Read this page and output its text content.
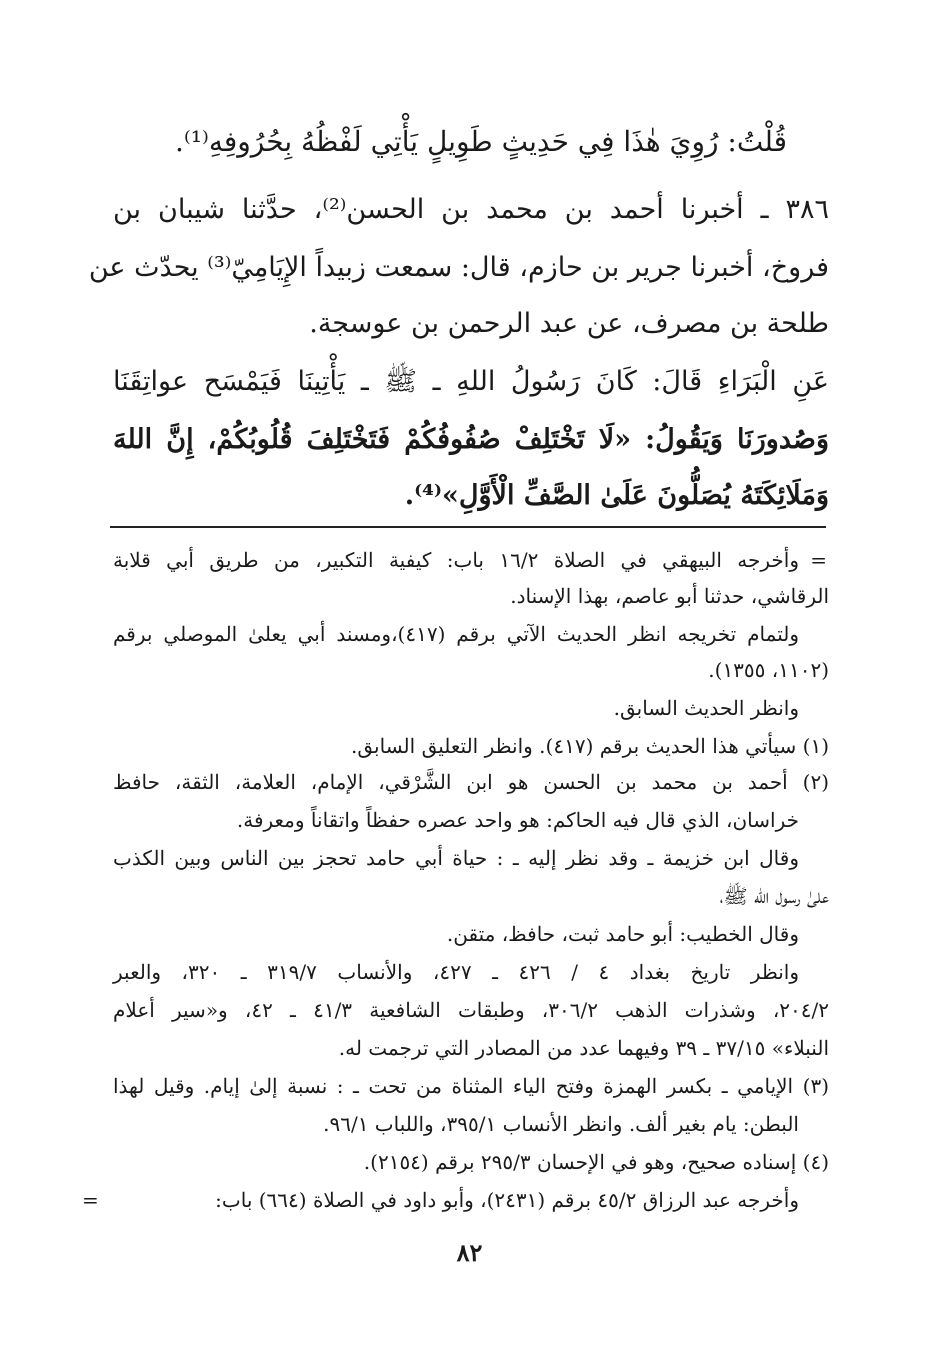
قُلْتُ: رُوِيَ هٰذَا فِي حَدِيثٍ طَوِيلٍ يَأْتِي لَفْظُهُ بِحُرُوفِهِ⁽¹⁾.
٣٨٦ ـ أخبرنا أحمد بن محمد بن الحسن⁽²⁾، حدَّثنا شيبان بن
فروخ، أخبرنا جرير بن حازم، قال: سمعت زبيداً الإِيَامِيّ⁽³⁾ يحدّث عن
طلحة بن مصرف، عن عبد الرحمن بن عوسجة.
عَنِ الْبَرَاءِ قَالَ: كَانَ رَسُولُ اللهِ ـ ﷺ ـ يَأْتِينَا فَيَمْسَح عواتِقَنَا
وَصُدورَنَا وَيَقُولُ: «لَا تَخْتَلِفْ صُفُوفُكُمْ فَتَخْتَلِفَ قُلُوبُكُمْ، إِنَّ اللهَ
وَمَلَائِكَتَهُ يُصَلُّونَ عَلَىٰ الصَّفِّ الْأَوَّلِ»⁽⁴⁾.
=
وأخرجه البيهقي في الصلاة ١٦/٢ باب: كيفية التكبير، من طريق أبي قلابة
الرقاشي، حدثنا أبو عاصم، بهذا الإسناد.
ولتمام تخريجه انظر الحديث الآتي برقم (٤١٧)،ومسند أبي يعلىٰ الموصلي برقم
(١١٠٢، ١٣٥٥).
وانظر الحديث السابق.
(١) سيأتي هذا الحديث برقم (٤١٧). وانظر التعليق السابق.
(٢) أحمد بن محمد بن الحسن هو ابن الشَّرْقي، الإمام، العلامة، الثقة، حافظ
خراسان، الذي قال فيه الحاكم: هو واحد عصره حفظاً واتقاناً ومعرفة.
وقال ابن خزيمة ـ وقد نظر إليه ـ : حياة أبي حامد تحجز بين الناس وبين الكذب
علىٰ رسول الله ﷺ،
وقال الخطيب: أبو حامد ثبت، حافظ، متقن.
وانظر تاريخ بغداد ٤ / ٤٢٦ ـ ٤٢٧، والأنساب ٣١٩/٧ ـ ٣٢٠، والعبر
٢٠٤/٢، وشذرات الذهب ٣٠٦/٢، وطبقات الشافعية ٤١/٣ ـ ٤٢، و«سير أعلام
النبلاء» ٣٧/١٥ ـ ٣٩ وفيهما عدد من المصادر التي ترجمت له.
(٣) الإيامي ـ بكسر الهمزة وفتح الياء المثناة من تحت ـ : نسبة إلىٰ إيام. وقيل لهذا
البطن: يام بغير ألف. وانظر الأنساب ٣٩٥/١، واللباب ٩٦/١.
(٤) إسناده صحيح، وهو في الإحسان ٢٩٥/٣ برقم (٢١٥٤).
وأخرجه عبد الرزاق ٤٥/٢ برقم (٢٤٣١)، وأبو داود في الصلاة (٦٦٤) باب:
=
٨٢
